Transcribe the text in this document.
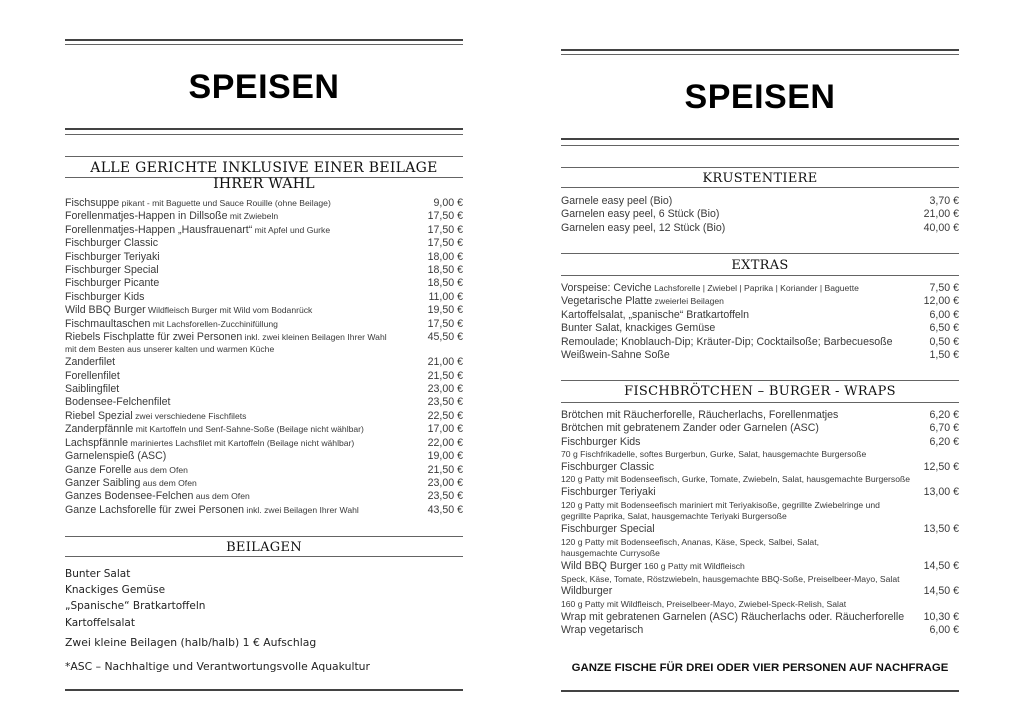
SPEISEN
ALLE GERICHTE INKLUSIVE EINER BEILAGE IHRER WAHL
Fischsuppe pikant - mit Baguette und Sauce Rouille (ohne Beilage)	9,00 €
Forellenmatjes-Happen in Dillsoße mit Zwiebeln	17,50 €
Forellenmatjes-Happen „Hausfrauenart“ mit Apfel und Gurke	17,50 €
Fischburger Classic	17,50 €
Fischburger Teriyaki	18,00 €
Fischburger Special	18,50 €
Fischburger Picante	18,50 €
Fischburger Kids	11,00 €
Wild BBQ Burger Wildfleisch Burger mit Wild vom Bodanrück	19,50 €
Fischmaultaschen mit Lachsforellen-Zucchinifüllung	17,50 €
Riebels Fischplatte für zwei Personen inkl. zwei kleinen Beilagen Ihrer Wahl	45,50 €
mit dem Besten aus unserer kalten und warmen Küche
Zanderfilet	21,00 €
Forellenfilet	21,50 €
Saiblingfilet	23,00 €
Bodensee-Felchenfilet	23,50 €
Riebel Spezial zwei verschiedene Fischfilets	22,50 €
Zanderpfännle mit Kartoffeln und Senf-Sahne-Soße (Beilage nicht wählbar)	17,00 €
Lachspfännle mariniertes Lachsfilet mit Kartoffeln (Beilage nicht wählbar)	22,00 €
Garnelenspieß (ASC)	19,00 €
Ganze Forelle aus dem Ofen	21,50 €
Ganzer Saibling aus dem Ofen	23,00 €
Ganzes Bodensee-Felchen aus dem Ofen	23,50 €
Ganze Lachsforelle für zwei Personen inkl. zwei Beilagen Ihrer Wahl	43,50 €
BEILAGEN
Bunter Salat
Knackiges Gemüse
„Spanische“ Bratkartoffeln
Kartoffelsalat
Zwei kleine Beilagen (halb/halb) 1 € Aufschlag
*ASC – Nachhaltige und Verantwortungsvolle Aquakultur
SPEISEN
KRUSTENTIERE
Garnele easy peel (Bio)	3,70 €
Garnelen easy peel, 6 Stück (Bio)	21,00 €
Garnelen easy peel, 12 Stück (Bio)	40,00 €
EXTRAS
Vorspeise: Ceviche Lachsforelle | Zwiebel | Paprika | Koriander | Baguette	7,50 €
Vegetarische Platte zweierlei Beilagen	12,00 €
Kartoffelsalat, „spanische“ Bratkartoffeln	6,00 €
Bunter Salat, knackiges Gemüse	6,50 €
Remoulade; Knoblauch-Dip; Kräuter-Dip; Cocktailsoße; Barbecuesoße	0,50 €
Weißwein-Sahne Soße	1,50 €
FISCHBRÖTCHEN – BURGER - WRAPS
Brötchen mit Räucherforelle, Räucherlachs, Forellenmatjes	6,20 €
Brötchen mit gebratenem Zander oder Garnelen (ASC)	6,70 €
Fischburger Kids	6,20 €
70 g Fischfrikadelle, softes Burgerbun, Gurke, Salat, hausgemachte Burgersoße
Fischburger Classic	12,50 €
120 g Patty mit Bodenseefisch, Gurke, Tomate, Zwiebeln, Salat, hausgemachte Burgersoße
Fischburger Teriyaki	13,00 €
120 g Patty mit Bodenseefisch mariniert mit Teriyakisoße, gegrillte Zwiebelringe und
gegrillte Paprika, Salat, hausgemachte Teriyaki Burgersoße
Fischburger Special	13,50 €
120 g Patty mit Bodenseefisch, Ananas, Käse, Speck, Salbei, Salat,
hausgemachte Currysoße
Wild BBQ Burger 160 g Patty mit Wildfleisch	14,50 €
Speck, Käse, Tomate, Röstzwiebeln, hausgemachte BBQ-Soße, Preiselbeer-Mayo, Salat
Wildburger	14,50 €
160 g Patty mit Wildfleisch, Preiselbeer-Mayo, Zwiebel-Speck-Relish, Salat
Wrap mit gebratenen Garnelen (ASC) Räucherlachs oder. Räucherforelle	10,30 €
Wrap vegetarisch	6,00 €
GANZE FISCHE FÜR DREI ODER VIER PERSONEN AUF NACHFRAGE
